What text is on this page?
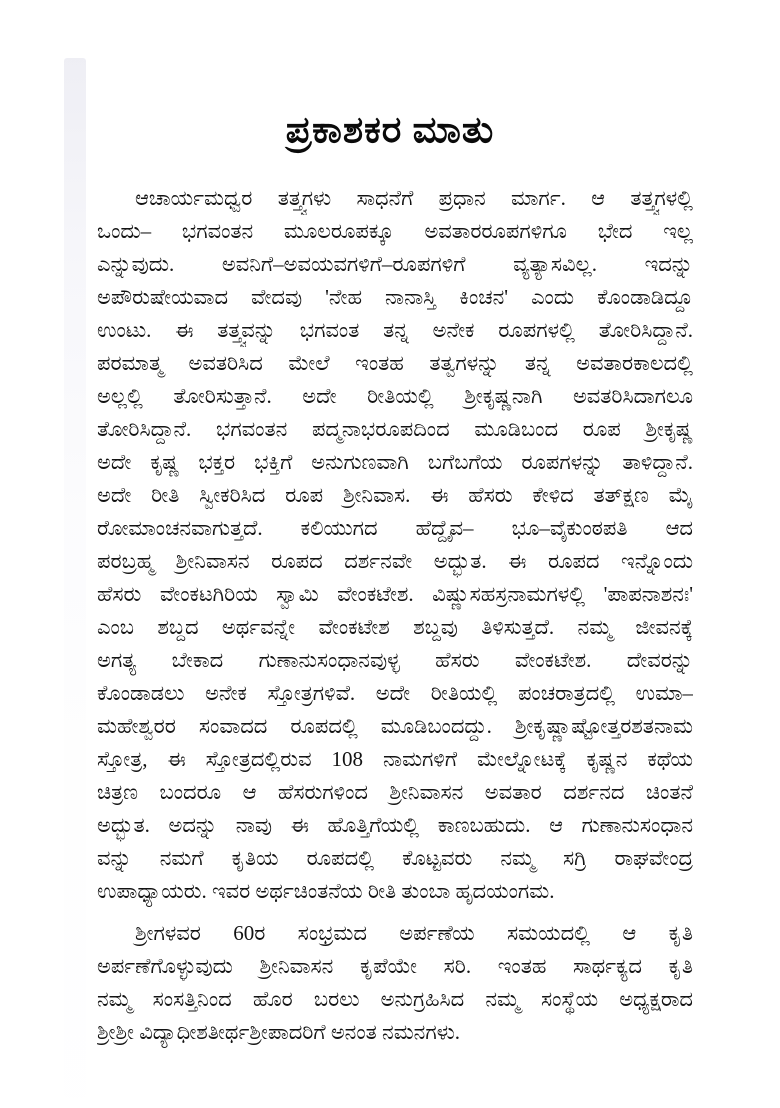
ಪ್ರಕಾಶಕರ ಮಾತು
ಆಚಾರ್ಯಮಧ್ವರ ತತ್ತ್ವಗಳು ಸಾಧನೆಗೆ ಪ್ರಧಾನ ಮಾರ್ಗ. ಆ ತತ್ತ್ವಗಳಲ್ಲಿ
ಒಂದು– ಭಗವಂತನ ಮೂಲರೂಪಕ್ಕೂ ಅವತಾರರೂಪಗಳಿಗೂ ಭೇದ ಇಲ್ಲ
ಎನ್ನುವುದು. ಅವನಿಗೆ–ಅವಯವಗಳಿಗೆ–ರೂಪಗಳಿಗೆ ವ್ಯತ್ಯಾಸವಿಲ್ಲ. ಇದನ್ನು
ಅಪೌರುಷೇಯವಾದ ವೇದವು 'ನೇಹ ನಾನಾಸ್ತಿ ಕಿಂಚನ' ಎಂದು ಕೊಂಡಾಡಿದ್ದೂ
ಉಂಟು. ಈ ತತ್ತ್ವವನ್ನು ಭಗವಂತ ತನ್ನ ಅನೇಕ ರೂಪಗಳಲ್ಲಿ ತೋರಿಸಿದ್ದಾನೆ.
ಪರಮಾತ್ಮ ಅವತರಿಸಿದ ಮೇಲೆ ಇಂತಹ ತತ್ವಗಳನ್ನು ತನ್ನ ಅವತಾರಕಾಲದಲ್ಲಿ
ಅಲ್ಲಲ್ಲಿ ತೋರಿಸುತ್ತಾನೆ. ಅದೇ ರೀತಿಯಲ್ಲಿ ಶ್ರೀಕೃಷ್ಣನಾಗಿ ಅವತರಿಸಿದಾಗಲೂ
ತೋರಿಸಿದ್ದಾನೆ. ಭಗವಂತನ ಪದ್ಮನಾಭರೂಪದಿಂದ ಮೂಡಿಬಂದ ರೂಪ ಶ್ರೀಕೃಷ್ಣ
ಅದೇ ಕೃಷ್ಣ ಭಕ್ತರ ಭಕ್ತಿಗೆ ಅನುಗುಣವಾಗಿ ಬಗೆಬಗೆಯ ರೂಪಗಳನ್ನು ತಾಳಿದ್ದಾನೆ.
ಅದೇ ರೀತಿ ಸ್ವೀಕರಿಸಿದ ರೂಪ ಶ್ರೀನಿವಾಸ. ಈ ಹೆಸರು ಕೇಳಿದ ತತ್‌ಕ್ಷಣ ಮೈ
ರೋಮಾಂಚನವಾಗುತ್ತದೆ. ಕಲಿಯುಗದ ಹೆದ್ದೈವ– ಭೂ–ವೈಕುಂಠಪತಿ ಆದ
ಪರಬ್ರಹ್ಮ ಶ್ರೀನಿವಾಸನ ರೂಪದ ದರ್ಶನವೇ ಅದ್ಭುತ. ಈ ರೂಪದ ಇನ್ನೊಂದು
ಹೆಸರು ವೇಂಕಟಗಿರಿಯ ಸ್ವಾಮಿ ವೇಂಕಟೇಶ. ವಿಷ್ಣುಸಹಸ್ರನಾಮಗಳಲ್ಲಿ 'ಪಾಪನಾಶನಃ'
ಎಂಬ ಶಬ್ದದ ಅರ್ಥವನ್ನೇ ವೇಂಕಟೇಶ ಶಬ್ದವು ತಿಳಿಸುತ್ತದೆ. ನಮ್ಮ ಜೀವನಕ್ಕೆ
ಅಗತ್ಯ ಬೇಕಾದ ಗುಣಾನುಸಂಧಾನವುಳ್ಳ ಹೆಸರು ವೇಂಕಟೇಶ. ದೇವರನ್ನು
ಕೊಂಡಾಡಲು ಅನೇಕ ಸ್ತೋತ್ರಗಳಿವೆ. ಅದೇ ರೀತಿಯಲ್ಲಿ ಪಂಚರಾತ್ರದಲ್ಲಿ ಉಮಾ–
ಮಹೇಶ್ವರರ ಸಂವಾದದ ರೂಪದಲ್ಲಿ ಮೂಡಿಬಂದದ್ದು. ಶ್ರೀಕೃಷ್ಣಾಷ್ಟೋತ್ತರಶತನಾಮ
ಸ್ತೋತ್ರ, ಈ ಸ್ತೋತ್ರದಲ್ಲಿರುವ 108 ನಾಮಗಳಿಗೆ ಮೇಲ್ನೋಟಕ್ಕೆ ಕೃಷ್ಣನ ಕಥೆಯ
ಚಿತ್ರಣ ಬಂದರೂ ಆ ಹೆಸರುಗಳಿಂದ ಶ್ರೀನಿವಾಸನ ಅವತಾರ ದರ್ಶನದ ಚಿಂತನೆ
ಅದ್ಭುತ. ಅದನ್ನು ನಾವು ಈ ಹೊತ್ತಿಗೆಯಲ್ಲಿ ಕಾಣಬಹುದು. ಆ ಗುಣಾನುಸಂಧಾನ
ವನ್ನು ನಮಗೆ ಕೃತಿಯ ರೂಪದಲ್ಲಿ ಕೊಟ್ಟವರು ನಮ್ಮ ಸಗ್ರಿ ರಾಘವೇಂದ್ರ
ಉಪಾಧ್ಯಾಯರು. ಇವರ ಅರ್ಥಚಿಂತನೆಯ ರೀತಿ ತುಂಬಾ ಹೃದಯಂಗಮ.
ಶ್ರೀಗಳವರ 60ರ ಸಂಭ್ರಮದ ಅರ್ಪಣೆಯ ಸಮಯದಲ್ಲಿ ಆ ಕೃತಿ
ಅರ್ಪಣೆಗೊಳ್ಳುವುದು ಶ್ರೀನಿವಾಸನ ಕೃಪೆಯೇ ಸರಿ. ಇಂತಹ ಸಾರ್ಥಕ್ಯದ ಕೃತಿ
ನಮ್ಮ ಸಂಸತ್ತಿನಿಂದ ಹೊರ ಬರಲು ಅನುಗ್ರಹಿಸಿದ ನಮ್ಮ ಸಂಸ್ಥೆಯ ಅಧ್ಯಕ್ಷರಾದ
ಶ್ರೀಶ್ರೀ ವಿದ್ಯಾಧೀಶತೀರ್ಥಶ್ರೀಪಾದರಿಗೆ ಅನಂತ ನಮನಗಳು.
